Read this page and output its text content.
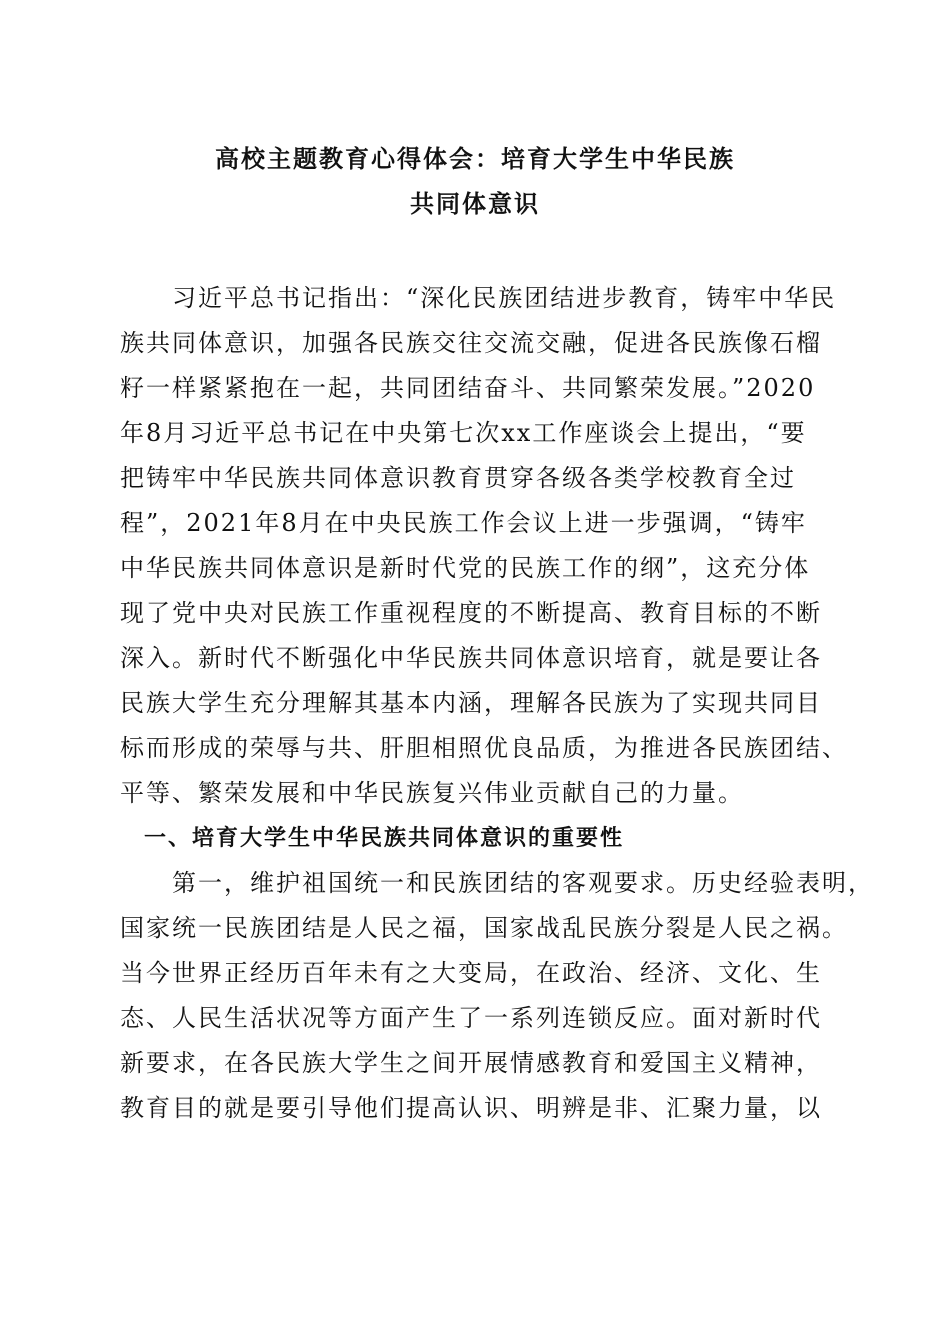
高校主题教育心得体会：培育大学生中华民族
共同体意识
　　习近平总书记指出：“深化民族团结进步教育，铸牢中华民
族共同体意识，加强各民族交往交流交融，促进各民族像石榴
籽一样紧紧抱在一起，共同团结奋斗、共同繁荣发展。”2020
年8月习近平总书记在中央第七次xx工作座谈会上提出，“要
把铸牢中华民族共同体意识教育贯穿各级各类学校教育全过
程”，2021年8月在中央民族工作会议上进一步强调，“铸牢
中华民族共同体意识是新时代党的民族工作的纲”，这充分体
现了党中央对民族工作重视程度的不断提高、教育目标的不断
深入。新时代不断强化中华民族共同体意识培育，就是要让各
民族大学生充分理解其基本内涵，理解各民族为了实现共同目
标而形成的荣辱与共、肝胆相照优良品质，为推进各民族团结、
平等、繁荣发展和中华民族复兴伟业贡献自己的力量。
　一、培育大学生中华民族共同体意识的重要性
　　第一，维护祖国统一和民族团结的客观要求。历史经验表明，
国家统一民族团结是人民之福，国家战乱民族分裂是人民之祸。
当今世界正经历百年未有之大变局，在政治、经济、文化、生
态、人民生活状况等方面产生了一系列连锁反应。面对新时代
新要求，在各民族大学生之间开展情感教育和爱国主义精神，
教育目的就是要引导他们提高认识、明辨是非、汇聚力量，以
